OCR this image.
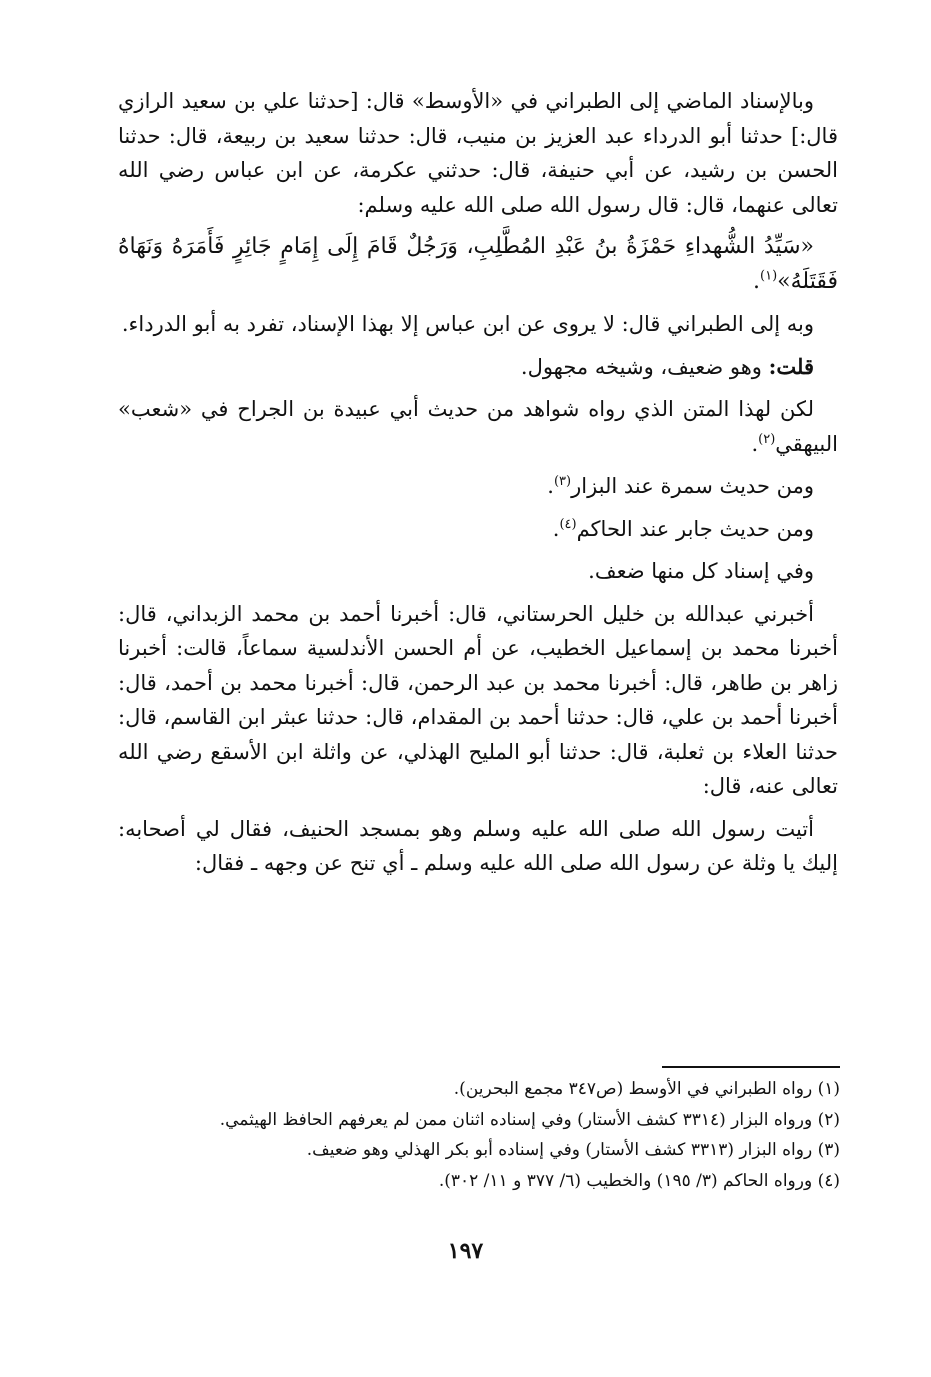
وبالإسناد الماضي إلى الطبراني في «الأوسط» قال: [حدثنا علي بن سعيد الرازي قال:] حدثنا أبو الدرداء عبد العزيز بن منيب، قال: حدثنا سعيد بن ربيعة، قال: حدثنا الحسن بن رشيد، عن أبي حنيفة، قال: حدثني عكرمة، عن ابن عباس رضي الله تعالى عنهما، قال: قال رسول الله صلى الله عليه وسلم:

«سَيِّدُ الشُّهداءِ حَمْزَةُ بنُ عَبْدِ المُطَّلِبِ، وَرَجُلٌ قَامَ إِلَى إِمَامٍ جَائِرٍ فَأَمَرَهُ وَنَهَاهُ فَقَتَلَهُ»$^{(١)}$.

وبه إلى الطبراني قال: لا يروى عن ابن عباس إلا بهذا الإسناد، تفرد به أبو الدرداء.

قلت: وهو ضعيف، وشيخه مجهول.

لكن لهذا المتن الذي رواه شواهد من حديث أبي عبيدة بن الجراح في «شعب» البيهقي$^{(٢)}$.

ومن حديث سمرة عند البزار$^{(٣)}$.

ومن حديث جابر عند الحاكم$^{(٤)}$.

وفي إسناد كل منها ضعف.

أخبرني عبدالله بن خليل الحرستاني، قال: أخبرنا أحمد بن محمد الزبداني، قال: أخبرنا محمد بن إسماعيل الخطيب، عن أم الحسن الأندلسية سماعاً، قالت: أخبرنا زاهر بن طاهر، قال: أخبرنا محمد بن عبد الرحمن، قال: أخبرنا محمد بن أحمد، قال: أخبرنا أحمد بن علي، قال: حدثنا أحمد بن المقدام، قال: حدثنا عبثر ابن القاسم، قال: حدثنا العلاء بن ثعلبة، قال: حدثنا أبو المليح الهذلي، عن واثلة ابن الأسقع رضي الله تعالى عنه، قال:

أتيت رسول الله صلى الله عليه وسلم وهو بمسجد الحنيف، فقال لي أصحابه: إليك يا وثلة عن رسول الله صلى الله عليه وسلم ـ أي تنح عن وجهه ـ فقال:

(١) رواه الطبراني في الأوسط (ص٣٤٧ مجمع البحرين).
(٢) ورواه البزار (٣٣١٤ كشف الأستار) وفي إسناده اثنان ممن لم يعرفهم الحافظ الهيثمي.
(٣) رواه البزار (٣٣١٣ كشف الأستار) وفي إسناده أبو بكر الهذلي وهو ضعيف.
(٤) ورواه الحاكم (٣/ ١٩٥) والخطيب (٦/ ٣٧٧ و ١١/ ٣٠٢).
١٩٧
